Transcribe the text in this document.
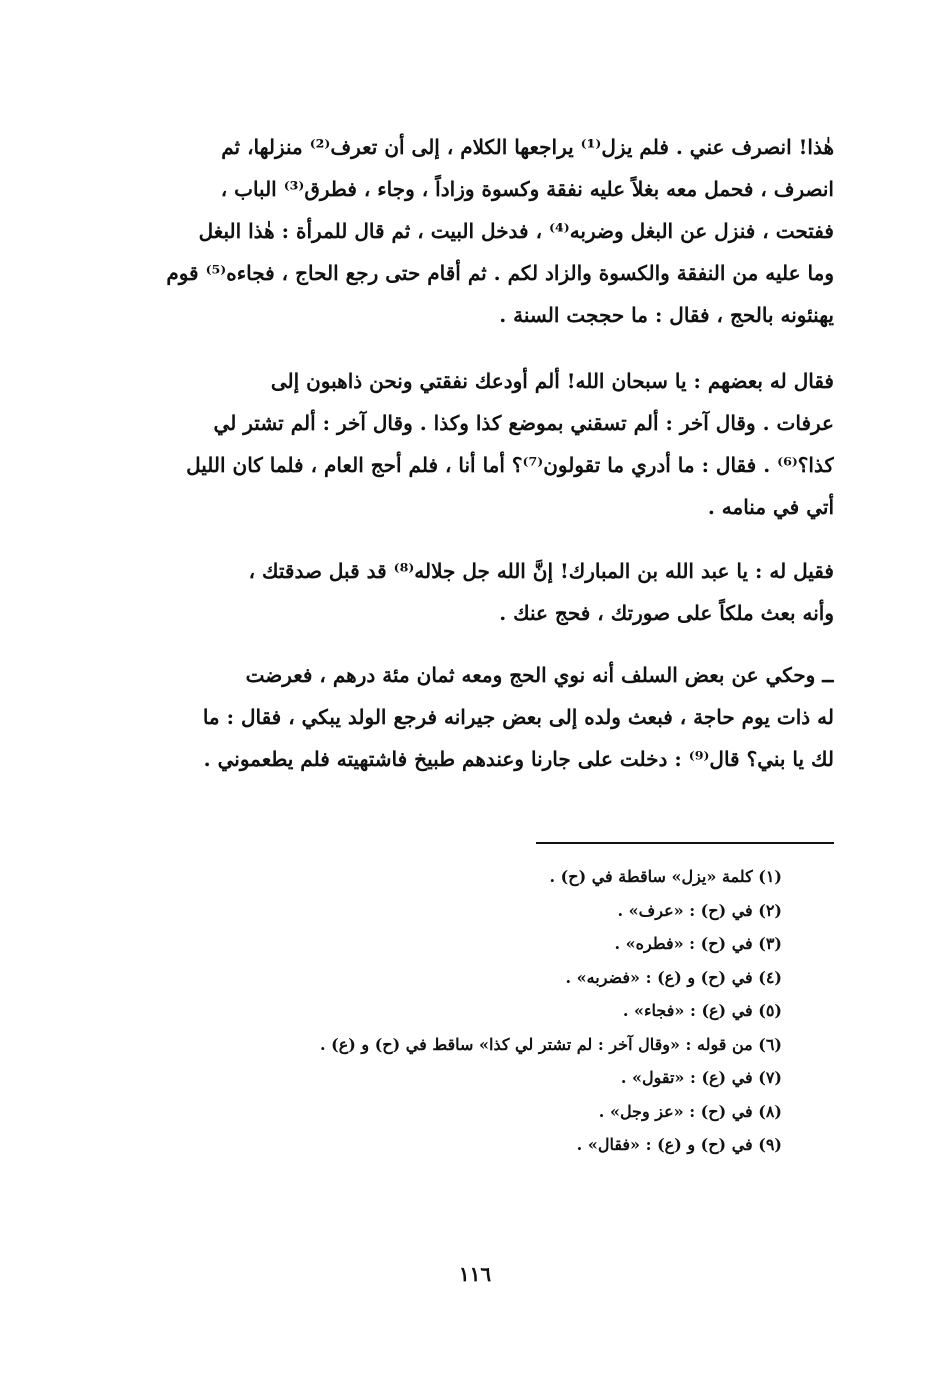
هٰذا! انصرف عني . فلم يزل⁽¹⁾ يراجعها الكلام ، إلى أن تعرف⁽²⁾ منزلها، ثم
انصرف ، فحمل معه بغلاً عليه نفقة وكسوة وزاداً ، وجاء ، فطرق⁽³⁾ الباب ،
ففتحت ، فنزل عن البغل وضربه⁽⁴⁾ ، فدخل البيت ، ثم قال للمرأة : هٰذا البغل
وما عليه من النفقة والكسوة والزاد لكم . ثم أقام حتى رجع الحاج ، فجاءه⁽⁵⁾ قوم
يهنئونه بالحج ، فقال : ما حججت السنة .
فقال له بعضهم : يا سبحان الله! ألم أودعك نفقتي ونحن ذاهبون إلى
عرفات . وقال آخر : ألم تسقني بموضع كذا وكذا . وقال آخر : ألم تشتر لي
كذا؟⁽⁶⁾ . فقال : ما أدري ما تقولون⁽⁷⁾؟ أما أنا ، فلم أحج العام ، فلما كان الليل
أتي في منامه .
فقيل له : يا عبد الله بن المبارك! إنَّ الله جل جلاله⁽⁸⁾ قد قبل صدقتك ،
وأنه بعث ملكاً على صورتك ، فحج عنك .
ــ وحكي عن بعض السلف أنه نوي الحج ومعه ثمان مئة درهم ، فعرضت
له ذات يوم حاجة ، فبعث ولده إلى بعض جيرانه فرجع الولد يبكي ، فقال : ما
لك يا بني؟ قال⁽⁹⁾ : دخلت على جارنا وعندهم طبيخ فاشتهيته فلم يطعموني .
(١) كلمة «يزل» ساقطة في (ح) .
(٢) في (ح) : «عرف» .
(٣) في (ح) : «فطره» .
(٤) في (ح) و (ع) : «فضربه» .
(٥) في (ع) : «فجاء» .
(٦) من قوله : «وقال آخر : لم تشتر لي كذا» ساقط في (ح) و (ع) .
(٧) في (ع) : «تقول» .
(٨) في (ح) : «عز وجل» .
(٩) في (ح) و (ع) : «فقال» .
١١٦
